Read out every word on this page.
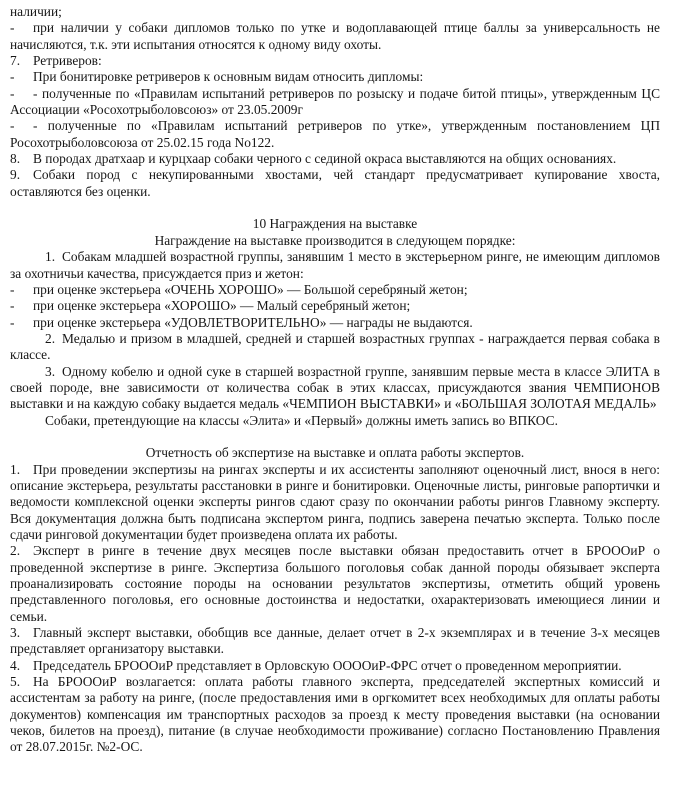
наличии;

- при наличии у собаки дипломов только по утке и водоплавающей птице баллы за универсальность не начисляются, т.к. эти испытания относятся к одному виду охоты.

7. Ретриверов:

- При бонитировке ретриверов к основным видам относить дипломы:

- - полученные по «Правилам испытаний ретриверов по розыску и подаче битой птицы», утвержденным ЦС Ассоциации «Росохотрыболовсоюз» от 23.05.2009г

- - полученные по «Правилам испытаний ретриверов по утке», утвержденным постановлением ЦП Росохотрыболовсоюза от 25.02.15 года No122.

8. В породах дратхаар и курцхаар собаки черного с сединой окраса выставляются на общих основаниях.

9. Собаки пород с некупированными хвостами, чей стандарт предусматривает купирование хвоста, оставляются без оценки.

10 Награждения на выставке

Награждение на выставке производится в следующем порядке:

1. Собакам младшей возрастной группы, занявшим 1 место в экстерьерном ринге, не имеющим дипломов за охотничьи качества, присуждается приз и жетон:

- при оценке экстерьера «ОЧЕНЬ ХОРОШО» — Большой серебряный жетон;

- при оценке экстерьера «ХОРОШО» — Малый серебряный жетон;

- при оценке экстерьера «УДОВЛЕТВОРИТЕЛЬНО» — награды не выдаются.

2. Медалью и призом в младшей, средней и старшей возрастных группах - награждается первая собака в классе.

3. Одному кобелю и одной суке в старшей возрастной группе, занявшим первые места в классе ЭЛИТА в своей породе, вне зависимости от количества собак в этих классах, присуждаются звания ЧЕМПИОНОВ выставки и на каждую собаку выдается медаль «ЧЕМПИОН ВЫСТАВКИ» и «БОЛЬШАЯ ЗОЛОТАЯ МЕДАЛЬ»

Собаки, претендующие на классы «Элита» и «Первый» должны иметь запись во ВПКОС.

Отчетность об экспертизе на выставке и оплата работы экспертов.

1. При проведении экспертизы на рингах эксперты и их ассистенты заполняют оценочный лист, внося в него: описание экстерьера, результаты расстановки в ринге и бонитировки. Оценочные листы, ринговые рапортички и ведомости комплексной оценки эксперты рингов сдают сразу по окончании работы рингов Главному эксперту. Вся документация должна быть подписана экспертом ринга, подпись заверена печатью эксперта. Только после сдачи ринговой документации будет произведена оплата их работы.

2. Эксперт в ринге в течение двух месяцев после выставки обязан предоставить отчет в БРОООиР о проведенной экспертизе в ринге. Экспертиза большого поголовья собак данной породы обязывает эксперта проанализировать состояние породы на основании результатов экспертизы, отметить общий уровень представленного поголовья, его основные достоинства и недостатки, охарактеризовать имеющиеся линии и семьи.

3. Главный эксперт выставки, обобщив все данные, делает отчет в 2-х экземплярах и в течение 3-х месяцев представляет организатору выставки.

4. Председатель БРОООиР представляет в Орловскую ООООиР-ФРС отчет о проведенном мероприятии.

5. На БРОООиР возлагается: оплата работы главного эксперта, председателей экспертных комиссий и ассистентам за работу на ринге, (после предоставления ими в оргкомитет всех необходимых для оплаты работы документов) компенсация им транспортных расходов за проезд к месту проведения выставки (на основании чеков, билетов на проезд), питание (в случае необходимости проживание) согласно Постановлению Правления от 28.07.2015г. №2-ОС.
